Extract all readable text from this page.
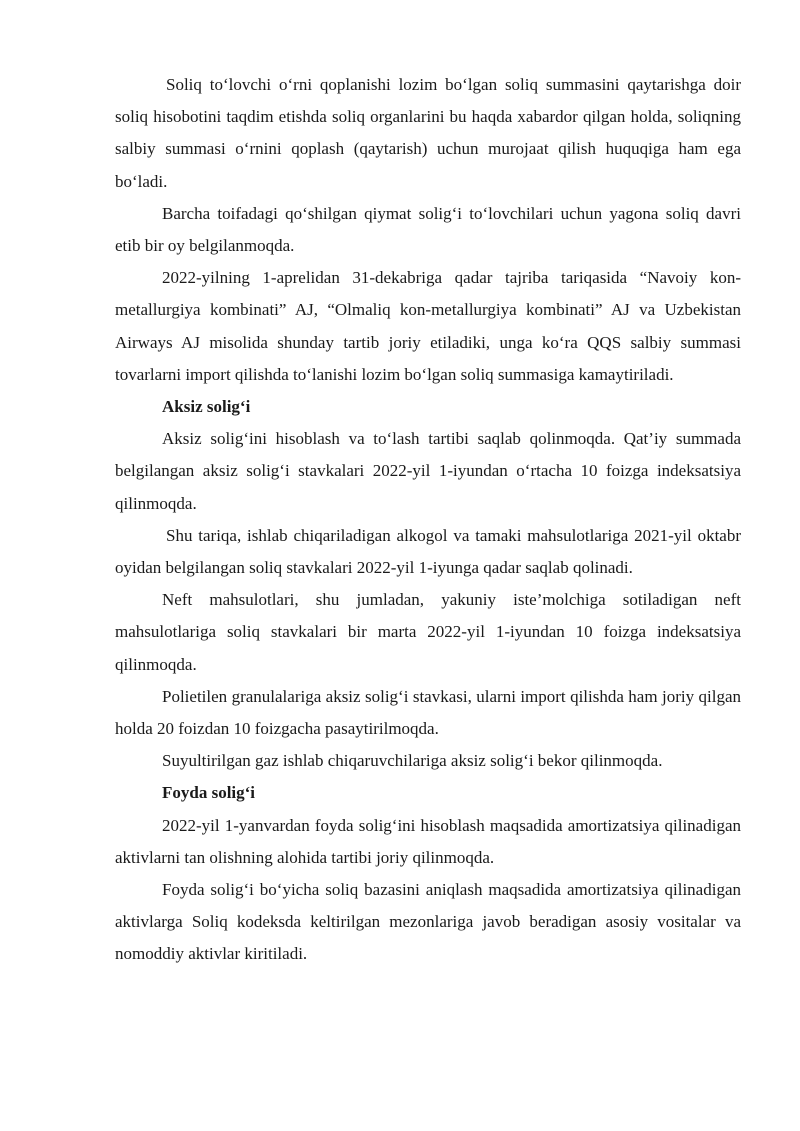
Soliq to‘lovchi o‘rni qoplanishi lozim bo‘lgan soliq summasini qaytarishga doir soliq hisobotini taqdim etishda soliq organlarini bu haqda xabardor qilgan holda, soliqning salbiy summasi o‘rnini qoplash (qaytarish) uchun murojaat qilish huquqiga ham ega bo‘ladi.

Barcha toifadagi qo‘shilgan qiymat solig‘i to‘lovchilari uchun yagona soliq davri etib bir oy belgilanmoqda.

2022-yilning 1-aprelidan 31-dekabriga qadar tajriba tariqasida “Navoiy kon-metallurgiya kombinati” AJ, “Olmaliq kon-metallurgiya kombinati” AJ va Uzbekistan Airways AJ misolida shunday tartib joriy etiladiki, unga ko‘ra QQS salbiy summasi tovarlarni import qilishda to‘lanishi lozim bo‘lgan soliq summasiga kamaytiriladi.

Aksiz solig‘i

Aksiz solig‘ini hisoblash va to‘lash tartibi saqlab qolinmoqda. Qat’iy summada belgilangan aksiz solig‘i stavkalari 2022-yil 1-iyundan o‘rtacha 10 foizga indeksatsiya qilinmoqda.

Shu tariqa, ishlab chiqariladigan alkogol va tamaki mahsulotlariga 2021-yil oktabr oyidan belgilangan soliq stavkalari 2022-yil 1-iyunga qadar saqlab qolinadi.

Neft mahsulotlari, shu jumladan, yakuniy iste’molchiga sotiladigan neft mahsulotlariga soliq stavkalari bir marta 2022-yil 1-iyundan 10 foizga indeksatsiya qilinmoqda.

Polietilen granulalariga aksiz solig‘i stavkasi, ularni import qilishda ham joriy qilgan holda 20 foizdan 10 foizgacha pasaytirilmoqda.

Suyultirilgan gaz ishlab chiqaruvchilariga aksiz solig‘i bekor qilinmoqda.

Foyda solig‘i

2022-yil 1-yanvardan foyda solig‘ini hisoblash maqsadida amortizatsiya qilinadigan aktivlarni tan olishning alohida tartibi joriy qilinmoqda.

Foyda solig‘i bo‘yicha soliq bazasini aniqlash maqsadida amortizatsiya qilinadigan aktivlarga Soliq kodeksda keltirilgan mezonlariga javob beradigan asosiy vositalar va nomoddiy aktivlar kiritiladi.
